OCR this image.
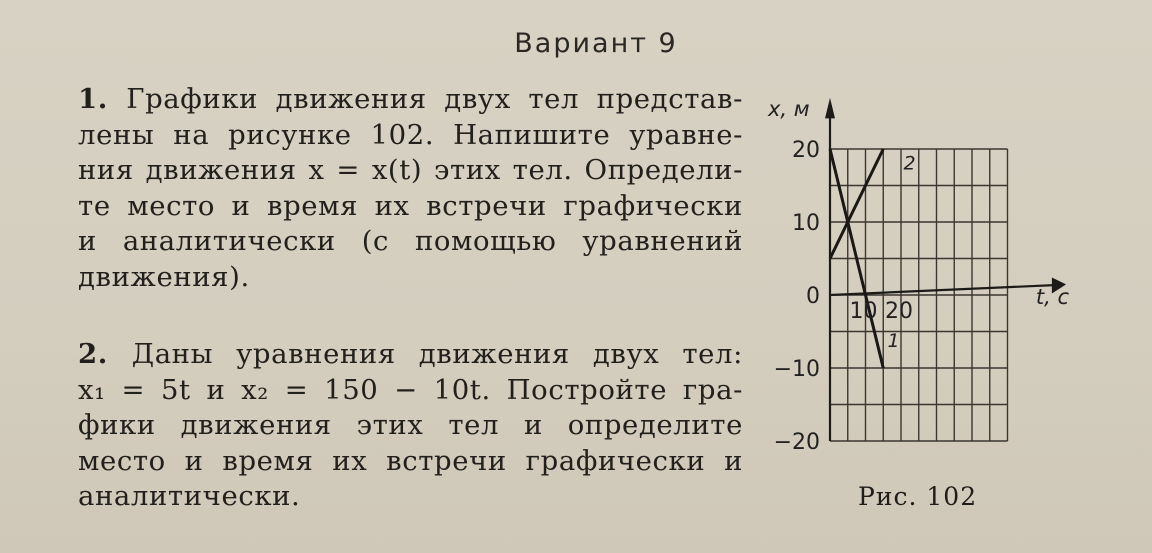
Вариант 9
1. Графики движения двух тел представ-
лены на рисунке 102. Напишите уравне-
ния движения x = x(t) этих тел. Определи-
те место и время их встречи графически
и аналитически (с помощью уравнений
движения).
2. Даны уравнения движения двух тел:
x₁ = 5t и x₂ = 150 − 10t. Постройте гра-
фики движения этих тел и определите
место и время их встречи графически и
аналитически.
20
10
0
−10
−20
10 20
x, м
t, с
2
1
Рис. 102
